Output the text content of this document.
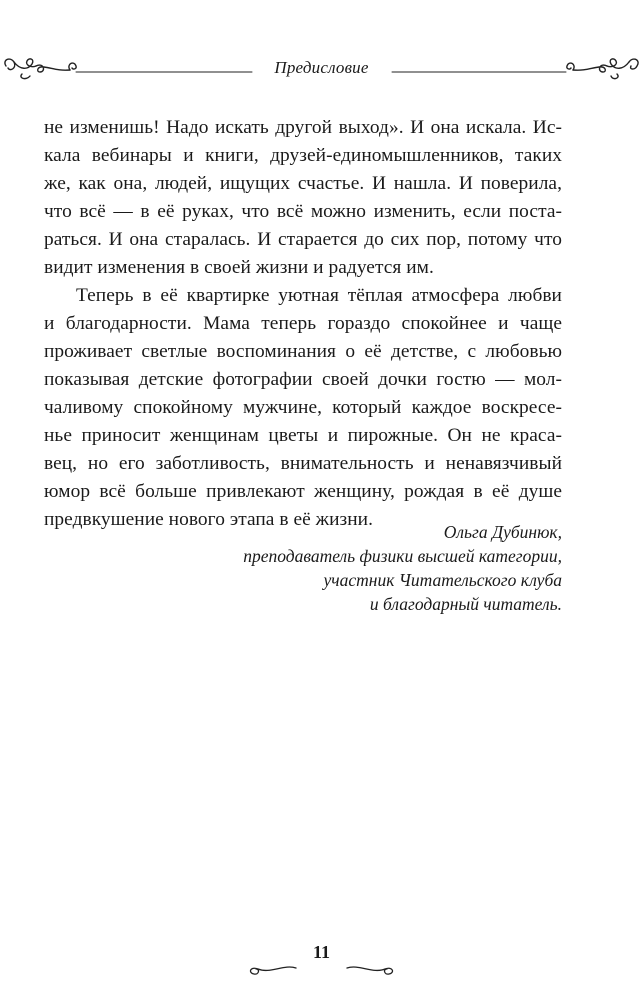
Предисловие
не изменишь! Надо искать другой выход». И она искала. Ис-
кала вебинары и книги, друзей-единомышленников, таких
же, как она, людей, ищущих счастье. И нашла. И поверила,
что всё — в её руках, что всё можно изменить, если поста-
раться. И она старалась. И старается до сих пор, потому что
видит изменения в своей жизни и радуется им.
Теперь в её квартирке уютная тёплая атмосфера любви
и благодарности. Мама теперь гораздо спокойнее и чаще
проживает светлые воспоминания о её детстве, с любовью
показывая детские фотографии своей дочки гостю — мол-
чаливому спокойному мужчине, который каждое воскресе-
нье приносит женщинам цветы и пирожные. Он не краса-
вец, но его заботливость, внимательность и ненавязчивый
юмор всё больше привлекают женщину, рождая в её душе
предвкушение нового этапа в её жизни.
Ольга Дубинюк,
преподаватель физики высшей категории,
участник Читательского клуба
и благодарный читатель.
11
